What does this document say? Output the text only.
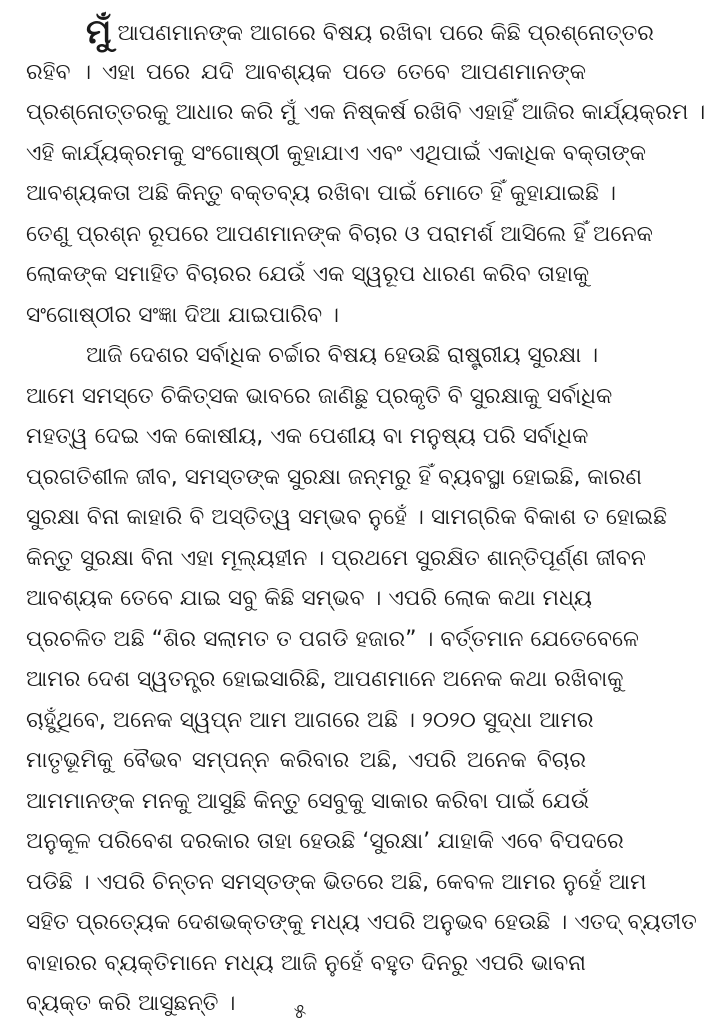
ମୁଁଆପଣମାନଙ୍କ ଆଗରେ ବିଷୟ ରଖିବା ପରେ କିଛି ପ୍ରଶ୍ନୋତ୍ତର
ରହିବ । ଏହା ପରେ ଯଦି ଆବଶ୍ୟକ ପଡେ ତେବେ ଆପଣମାନଙ୍କ
ପ୍ରଶ୍ନୋତ୍ତରକୁ ଆଧାର କରି ମୁଁ ଏକ ନିଷ୍କର୍ଷ ରଖିବି ଏହାହିଁ ଆଜିର କାର୍ଯ୍ୟକ୍ରମ ।
ଏହି କାର୍ଯ୍ୟକ୍ରମକୁ ସଂଗୋଷ୍ଠୀ କୁହାଯାଏ ଏବଂ ଏଥିପାଇଁ ଏକାଧିକ ବକ୍ତାଙ୍କ
ଆବଶ୍ୟକତା ଅଛି କିନ୍ତୁ ବକ୍ତବ୍ୟ ରଖିବା ପାଇଁ ମୋତେ ହିଁ କୁହାଯାଇଛି ।
ତେଣୁ ପ୍ରଶ୍ନ ରୂପରେ ଆପଣମାନଙ୍କ ବିଚାର ଓ ପରାମର୍ଶ ଆସିଲେ ହିଁ ଅନେକ
ଲୋକଙ୍କ ସମାହିତ ବିଚାରର ଯେଉଁ ଏକ ସ୍ୱରୂପ ଧାରଣ କରିବ ତାହାକୁ
ସଂଗୋଷ୍ଠୀର ସଂଜ୍ଞା ଦିଆ ଯାଇପାରିବ ।
ଆଜି ଦେଶର ସର୍ବାଧିକ ଚର୍ଚ୍ଚାର ବିଷୟ ହେଉଛି ରାଷ୍ଟ୍ରୀୟ ସୁରକ୍ଷା ।
ଆମେ ସମସ୍ତେ ଚିକିତ୍ସକ ଭାବରେ ଜାଣିଛୁ ପ୍ରକୃତି ବି ସୁରକ୍ଷାକୁ ସର୍ବାଧିକ
ମହତ୍ୱ ଦେଇ ଏକ କୋଷୀୟ, ଏକ ପେଶୀୟ ବା ମନୁଷ୍ୟ ପରି ସର୍ବାଧିକ
ପ୍ରଗତିଶୀଳ ଜୀବ, ସମସ୍ତଙ୍କ ସୁରକ୍ଷା ଜନ୍ମରୁ ହିଁ ବ୍ୟବସ୍ଥା ହୋଇଛି, କାରଣ
ସୁରକ୍ଷା ବିନା କାହାରି ବି ଅସ୍ତିତ୍ୱ ସମ୍ଭବ ନୁହେଁ । ସାମଗ୍ରିକ ବିକାଶ ତ ହୋଇଛି
କିନ୍ତୁ ସୁରକ୍ଷା ବିନା ଏହା ମୂଲ୍ୟହୀନ । ପ୍ରଥମେ ସୁରକ୍ଷିତ ଶାନ୍ତିପୂର୍ଣ୍ଣ ଜୀବନ
ଆବଶ୍ୟକ ତେବେ ଯାଇ ସବୁ କିଛି ସମ୍ଭବ । ଏପରି ଲୋକ କଥା ମଧ୍ୟ
ପ୍ରଚଳିତ ଅଛି “ଶିର ସଲାମତ ତ ପଗଡି ହଜାର” । ବର୍ତ୍ତମାନ ଯେତେବେଳେ
ଆମର ଦେଶ ସ୍ୱତନ୍ତ୍ର ହୋଇସାରିଛି, ଆପଣମାନେ ଅନେକ କଥା ରଖିବାକୁ
ଚାହୁଁଥିବେ, ଅନେକ ସ୍ୱପ୍ନ ଆମ ଆଗରେ ଅଛି । ୨୦୨୦ ସୁଦ୍ଧା ଆମର
ମାତୃଭୂମିକୁ ବୈଭବ ସମ୍ପନ୍ନ କରିବାର ଅଛି, ଏପରି ଅନେକ ବିଚାର
ଆମମାନଙ୍କ ମନକୁ ଆସୁଛି କିନ୍ତୁ ସେବୁକୁ ସାକାର କରିବା ପାଇଁ ଯେଉଁ
ଅନୁକୂଳ ପରିବେଶ ଦରକାର ତାହା ହେଉଛି ‘ସୁରକ୍ଷା’ ଯାହାକି ଏବେ ବିପଦରେ
ପଡିଛି । ଏପରି ଚିନ୍ତନ ସମସ୍ତଙ୍କ ଭିତରେ ଅଛି, କେବଳ ଆମର ନୁହେଁ ଆମ
ସହିତ ପ୍ରତ୍ୟେକ ଦେଶଭକ୍ତଙ୍କୁ ମଧ୍ୟ ଏପରି ଅନୁଭବ ହେଉଛି । ଏତଦ୍ ବ୍ୟତୀତ
ବାହାରର ବ୍ୟକ୍ତିମାନେ ମଧ୍ୟ ଆଜି ନୁହେଁ ବହୁତ ଦିନରୁ ଏପରି ଭାବନା
ବ୍ୟକ୍ତ କରି ଆସୁଛନ୍ତି ।	୫
